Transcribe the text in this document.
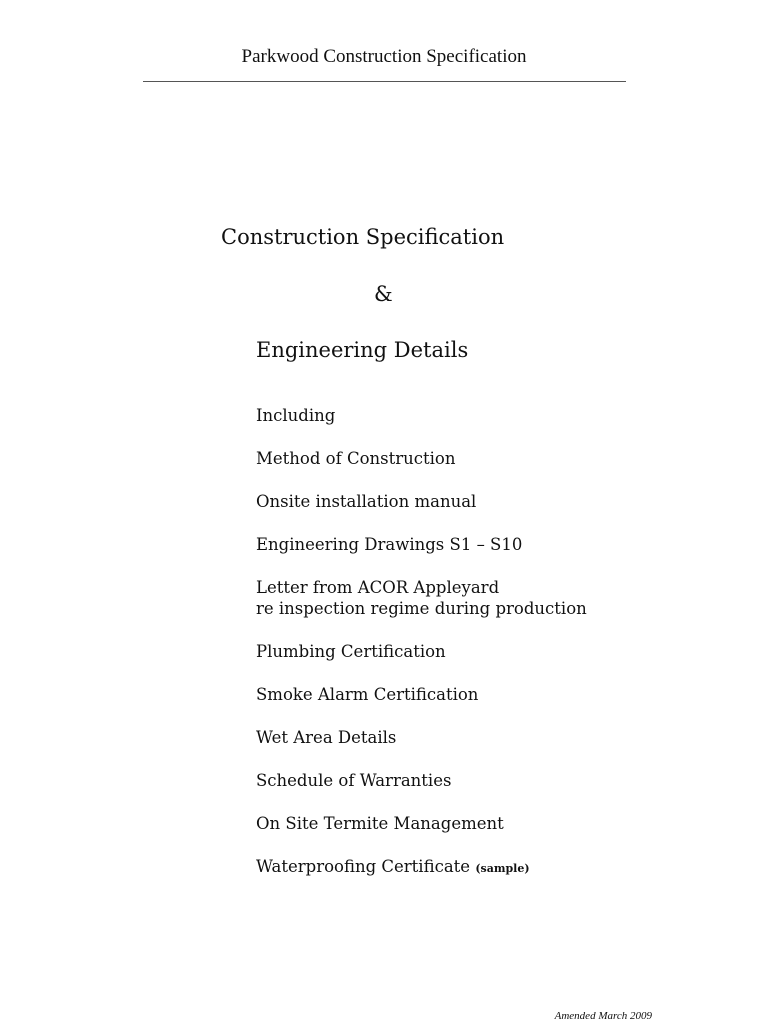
Parkwood Construction Specification
Construction Specification
&
Engineering Details
Including
Method of Construction
Onsite installation manual
Engineering Drawings S1 – S10
Letter from ACOR Appleyard
re inspection regime during production
Plumbing Certification
Smoke Alarm Certification
Wet Area Details
Schedule of Warranties
On Site Termite Management
Waterproofing Certificate (sample)
Amended March 2009
